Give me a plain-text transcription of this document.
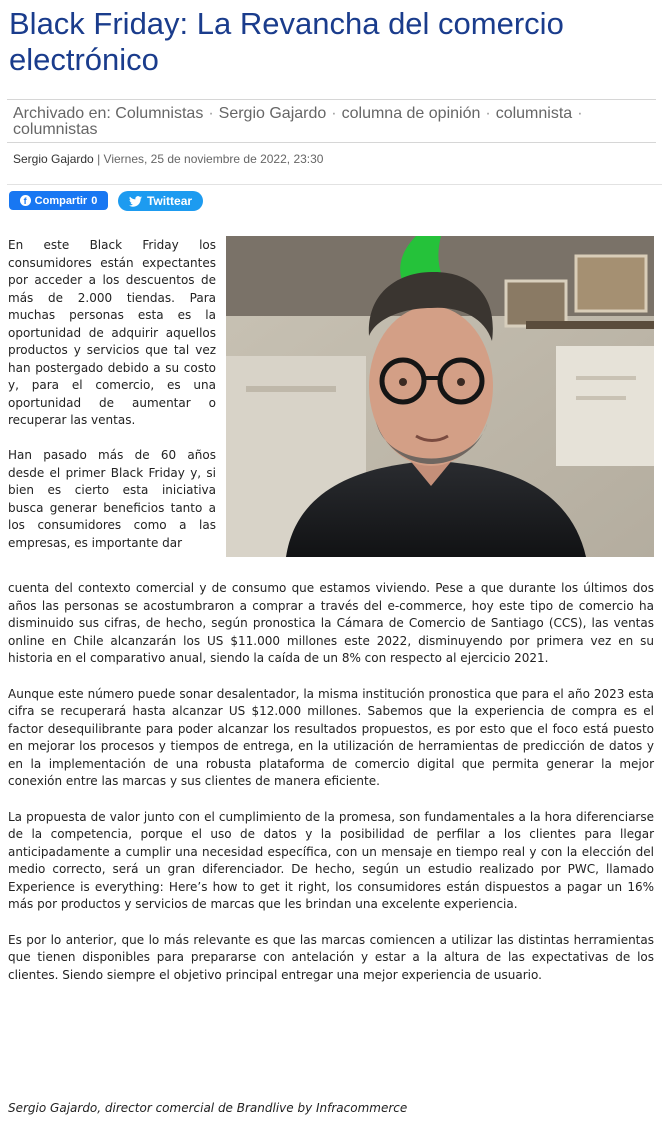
Black Friday: La Revancha del comercio electrónico
Archivado en: Columnistas · Sergio Gajardo · columna de opinión · columnista ·
columnistas
Sergio Gajardo | Viernes, 25 de noviembre de 2022, 23:30
f Compartir 0	Twittear

En este Black Friday los consumidores están expectantes por acceder a los descuentos de más de 2.000 tiendas. Para muchas personas esta es la oportunidad de adquirir aquellos productos y servicios que tal vez han postergado debido a su costo y, para el comercio, es una oportunidad de aumentar o recuperar las ventas.

Han pasado más de 60 años desde el primer Black Friday y, si bien es cierto esta iniciativa busca generar beneficios tanto a los consumidores como a las empresas, es importante dar

cuenta del contexto comercial y de consumo que estamos viviendo. Pese a que durante los últimos dos años las personas se acostumbraron a comprar a través del e-commerce, hoy este tipo de comercio ha disminuido sus cifras, de hecho, según pronostica la Cámara de Comercio de Santiago (CCS), las ventas online en Chile alcanzarán los US $11.000 millones este 2022, disminuyendo por primera vez en su historia en el comparativo anual, siendo la caída de un 8% con respecto al ejercicio 2021.

Aunque este número puede sonar desalentador, la misma institución pronostica que para el año 2023 esta cifra se recuperará hasta alcanzar US $12.000 millones. Sabemos que la experiencia de compra es el factor desequilibrante para poder alcanzar los resultados propuestos, es por esto que el foco está puesto en mejorar los procesos y tiempos de entrega, en la utilización de herramientas de predicción de datos y en la implementación de una robusta plataforma de comercio digital que permita generar la mejor conexión entre las marcas y sus clientes de manera eficiente.

La propuesta de valor junto con el cumplimiento de la promesa, son fundamentales a la hora diferenciarse de la competencia, porque el uso de datos y la posibilidad de perfilar a los clientes para llegar anticipadamente a cumplir una necesidad específica, con un mensaje en tiempo real y con la elección del medio correcto, será un gran diferenciador. De hecho, según un estudio realizado por PWC, llamado Experience is everything: Here’s how to get it right, los consumidores están dispuestos a pagar un 16% más por productos y servicios de marcas que les brindan una excelente experiencia.

Es por lo anterior, que lo más relevante es que las marcas comiencen a utilizar las distintas herramientas que tienen disponibles para prepararse con antelación y estar a la altura de las expectativas de los clientes. Siendo siempre el objetivo principal entregar una mejor experiencia de usuario.

Sergio Gajardo, director comercial de Brandlive by Infracommerce
